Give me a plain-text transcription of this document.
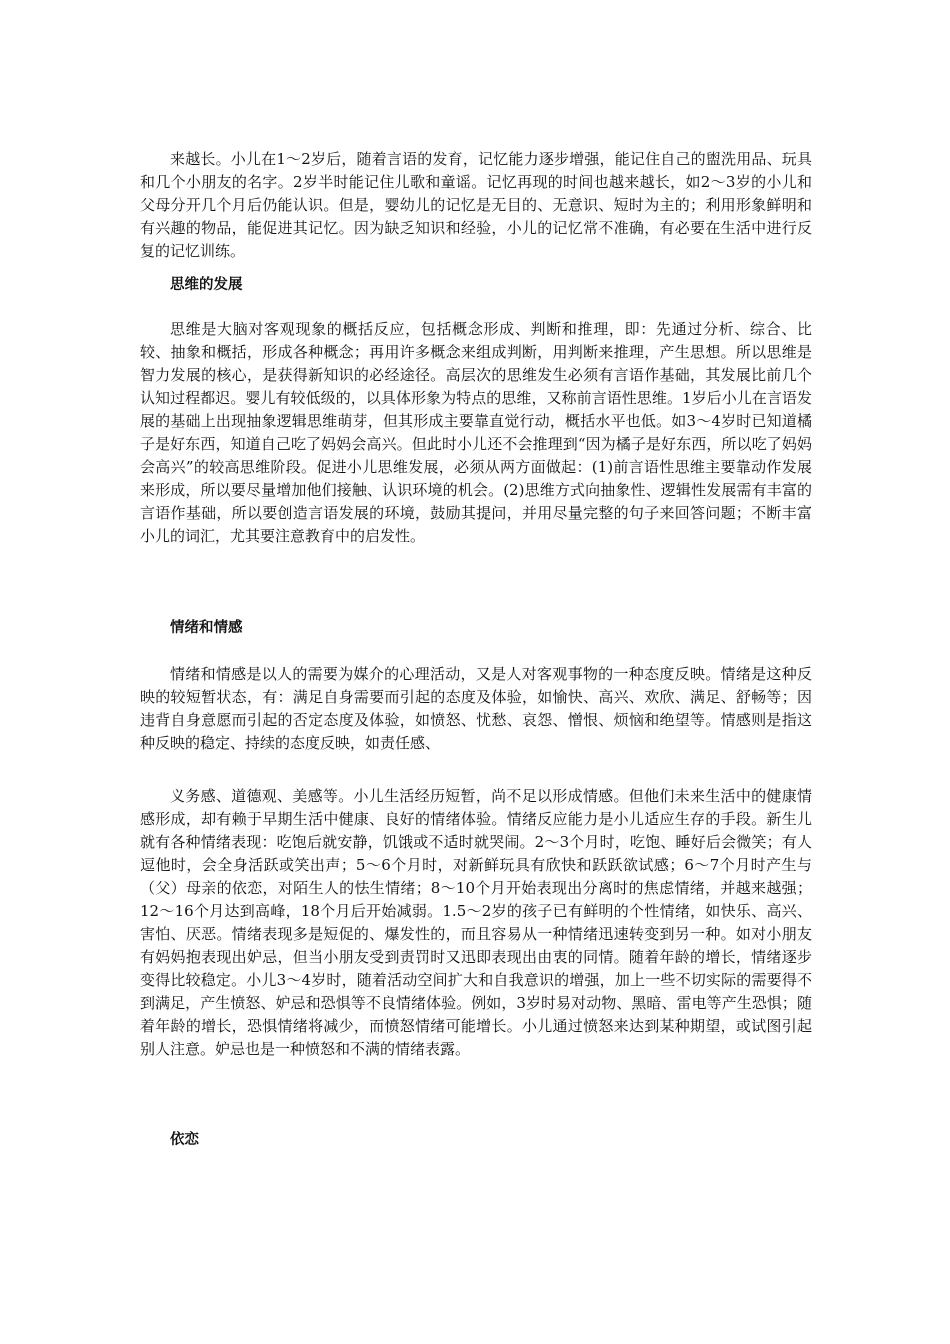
来越长。小儿在1～2岁后，随着言语的发育，记忆能力逐步增强，能记住自己的盥洗用品、玩具和几个小朋友的名字。2岁半时能记住儿歌和童谣。记忆再现的时间也越来越长，如2～3岁的小儿和父母分开几个月后仍能认识。但是，婴幼儿的记忆是无目的、无意识、短时为主的；利用形象鲜明和有兴趣的物品，能促进其记忆。因为缺乏知识和经验，小儿的记忆常不准确，有必要在生活中进行反复的记忆训练。

思维的发展

思维是大脑对客观现象的概括反应，包括概念形成、判断和推理，即：先通过分析、综合、比较、抽象和概括，形成各种概念；再用许多概念来组成判断，用判断来推理，产生思想。所以思维是智力发展的核心，是获得新知识的必经途径。高层次的思维发生必须有言语作基础，其发展比前几个认知过程都迟。婴儿有较低级的，以具体形象为特点的思维，又称前言语性思维。1岁后小儿在言语发展的基础上出现抽象逻辑思维萌芽，但其形成主要靠直觉行动，概括水平也低。如3～4岁时已知道橘子是好东西，知道自己吃了妈妈会高兴。但此时小儿还不会推理到“因为橘子是好东西，所以吃了妈妈会高兴”的较高思维阶段。促进小儿思维发展，必须从两方面做起：(1)前言语性思维主要靠动作发展来形成，所以要尽量增加他们接触、认识环境的机会。(2)思维方式向抽象性、逻辑性发展需有丰富的言语作基础，所以要创造言语发展的环境，鼓励其提问，并用尽量完整的句子来回答问题；不断丰富小儿的词汇，尤其要注意教育中的启发性。

情绪和情感

情绪和情感是以人的需要为媒介的心理活动，又是人对客观事物的一种态度反映。情绪是这种反映的较短暂状态，有：满足自身需要而引起的态度及体验，如愉快、高兴、欢欣、满足、舒畅等；因违背自身意愿而引起的否定态度及体验，如愤怒、忧愁、哀怨、憎恨、烦恼和绝望等。情感则是指这种反映的稳定、持续的态度反映，如责任感、

义务感、道德观、美感等。小儿生活经历短暂，尚不足以形成情感。但他们未来生活中的健康情感形成，却有赖于早期生活中健康、良好的情绪体验。情绪反应能力是小儿适应生存的手段。新生儿就有各种情绪表现：吃饱后就安静，饥饿或不适时就哭闹。2～3个月时，吃饱、睡好后会微笑；有人逗他时，会全身活跃或笑出声；5～6个月时，对新鲜玩具有欣快和跃跃欲试感；6～7个月时产生与（父）母亲的依恋，对陌生人的怯生情绪；8～10个月开始表现出分离时的焦虑情绪，并越来越强；12～16个月达到高峰，18个月后开始减弱。1.5～2岁的孩子已有鲜明的个性情绪，如快乐、高兴、害怕、厌恶。情绪表现多是短促的、爆发性的，而且容易从一种情绪迅速转变到另一种。如对小朋友有妈妈抱表现出妒忌，但当小朋友受到责罚时又迅即表现出由衷的同情。随着年龄的增长，情绪逐步变得比较稳定。小儿3～4岁时，随着活动空间扩大和自我意识的增强，加上一些不切实际的需要得不到满足，产生愤怒、妒忌和恐惧等不良情绪体验。例如，3岁时易对动物、黑暗、雷电等产生恐惧；随着年龄的增长，恐惧情绪将减少，而愤怒情绪可能增长。小儿通过愤怒来达到某种期望，或试图引起别人注意。妒忌也是一种愤怒和不满的情绪表露。

依恋
